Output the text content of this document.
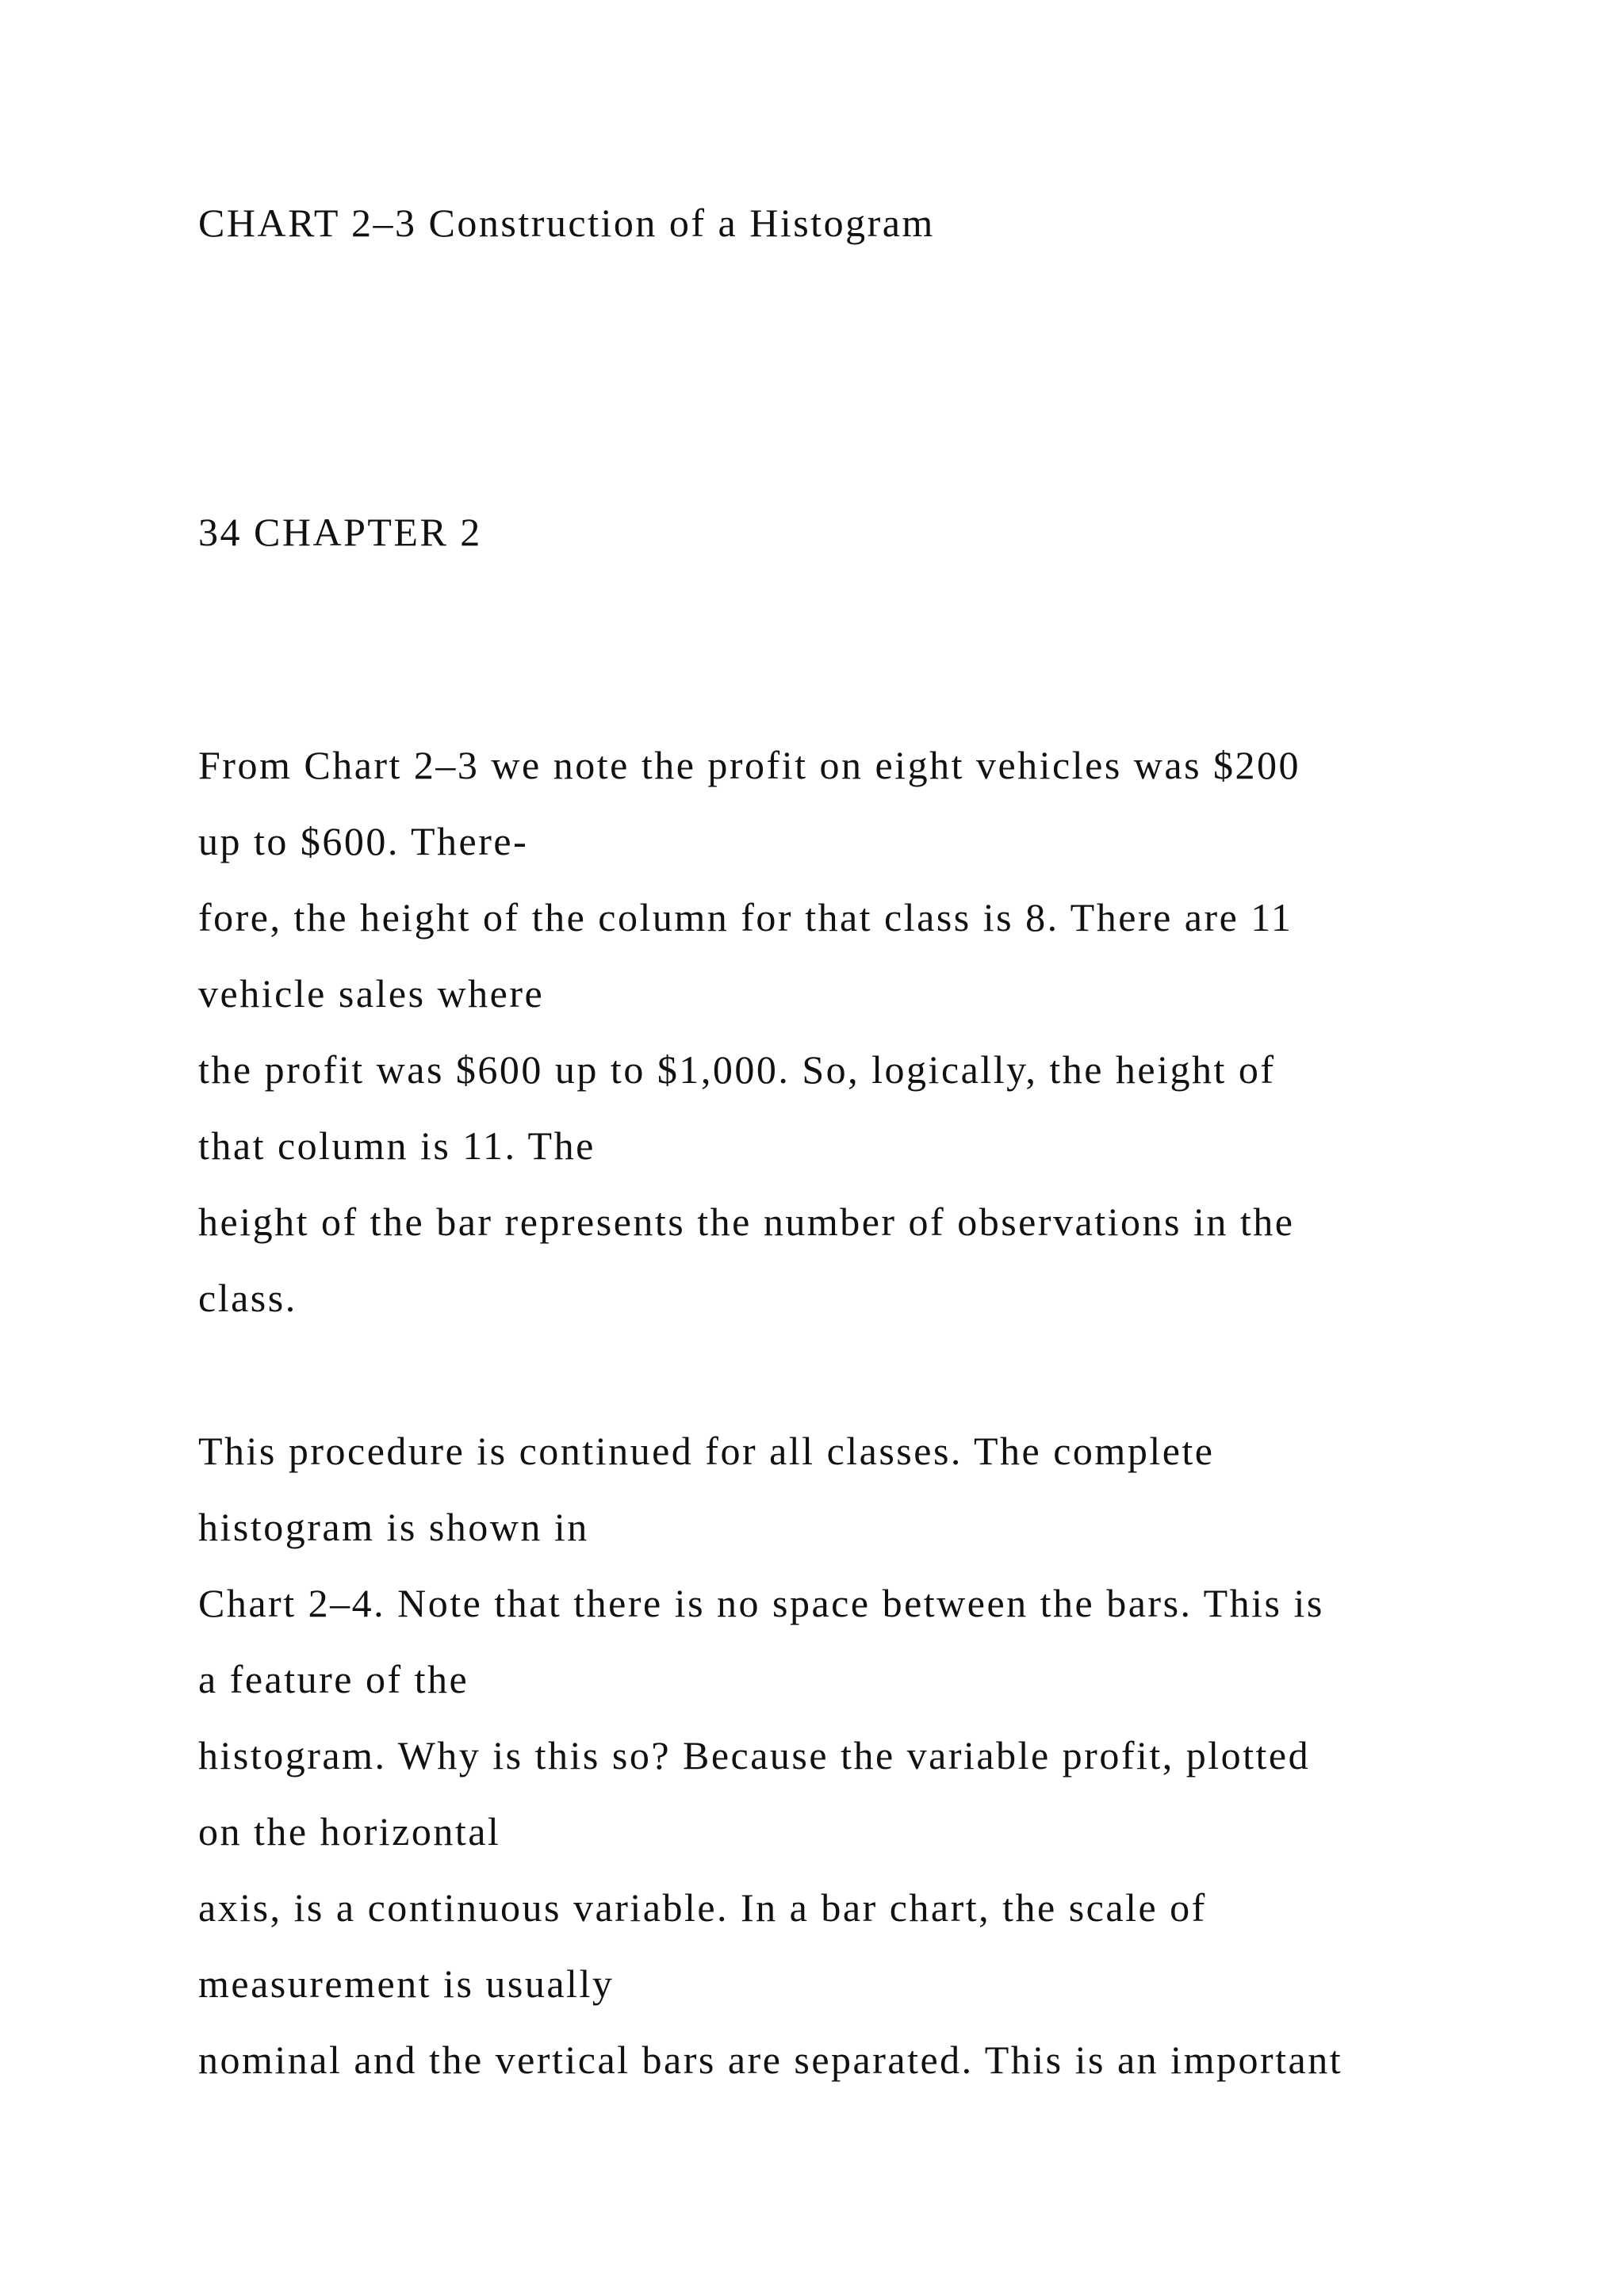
CHART 2–3 Construction of a Histogram

34 CHAPTER 2

From Chart 2–3 we note the profit on eight vehicles was $200

up to $600. There-

fore, the height of the column for that class is 8. There are 11

vehicle sales where

the profit was $600 up to $1,000. So, logically, the height of

that column is 11. The

height of the bar represents the number of observations in the

class.

This procedure is continued for all classes. The complete

histogram is shown in

Chart 2–4. Note that there is no space between the bars. This is

a feature of the

histogram. Why is this so? Because the variable profit, plotted

on the horizontal

axis, is a continuous variable. In a bar chart, the scale of

measurement is usually

nominal and the vertical bars are separated. This is an important
